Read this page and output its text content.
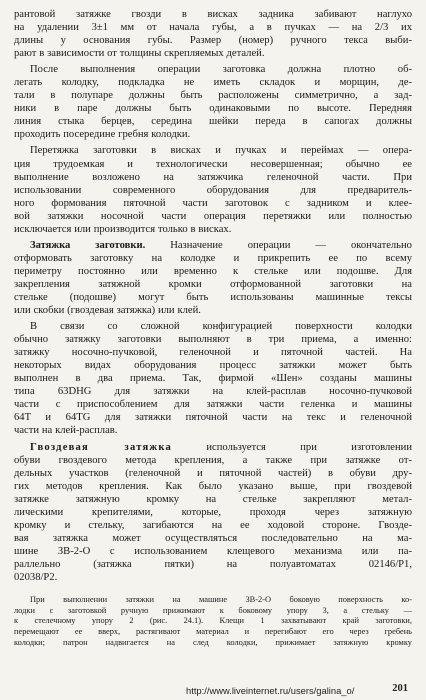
рантовой затяжке гвозди в висках задника забивают наглухо
на удалении 3±1 мм от начала губы, а в пучках — на 2/3 их
длины у основания губы. Размер (номер) ручного текса выби-
рают в зависимости от толщины скрепляемых деталей.
После выполнения операции заготовка должна плотно об-
легать колодку, подкладка не иметь складок и морщин, де-
тали в полупаре должны быть расположены симметрично, а зад-
ники в паре должны быть одинаковыми по высоте. Передняя
линия стыка берцев, середина шейки переда в сапогах должны
проходить посередине гребня колодки.
Перетяжка заготовки в висках и пучках и переймах — опера-
ция трудоемкая и технологически несовершенная; обычно ее
выполнение возложено на затяжчика геленочной части. При
использовании современного оборудования для предваритель-
ного формования пяточной части заготовок с задником и клее-
вой затяжки носочной части операция перетяжки или полностью
исключается или производится только в висках.
Затяжка заготовки. Назначение операции — окончательно
отформовать заготовку на колодке и прикрепить ее по всему
периметру постоянно или временно к стельке или подошве. Для
закрепления затяжной кромки отформованной заготовки на
стельке (подошве) могут быть использованы машинные тексы
или скобки (гвоздевая затяжка) или клей.
В связи со сложной конфигурацией поверхности колодки
обычно затяжку заготовки выполняют в три приема, а именно:
затяжку носочно-пучковой, геленочной и пяточной частей. На
некоторых видах оборудования процесс затяжки может быть
выполнен в два приема. Так, фирмой «Шен» созданы машины
типа 63DHG для затяжки на клей-расплав носочно-пучковой
части с приспособлением для затяжки части геленка и машины
64T и 64TG для затяжки пяточной части на текс и геленочной
части на клей-расплав.
Гвоздевая затяжка используется при изготовлении
обуви гвоздевого метода крепления, а также при затяжке от-
дельных участков (геленочной и пяточной частей) в обуви дру-
гих методов крепления. Как было указано выше, при гвоздевой
затяжке затяжную кромку на стельке закрепляют метал-
лическими крепителями, которые, проходя через затяжную
кромку и стельку, загибаются на ее ходовой стороне. Гвозде-
вая затяжка может осуществляться последовательно на ма-
шине ЗВ-2-О с использованием клещевого механизма или па-
раллельно (затяжка пятки) на полуавтоматах 02146/Р1,
02038/Р2.
При выполнении затяжки на машине ЗВ-2-О боковую поверхность ко-
лодки с заготовкой ручную прижимают к боковому упору 3, а стельку —
к стелечному упору 2 (рис. 24.1). Клещи 1 захватывают край заготовки,
перемещают ее вверх, растягивают материал и перегибают его через гребень
колодки; патрон надвигается на след колодки, прижимает затяжную кромку
http://www.liveinternet.ru/users/galina_o/	201
